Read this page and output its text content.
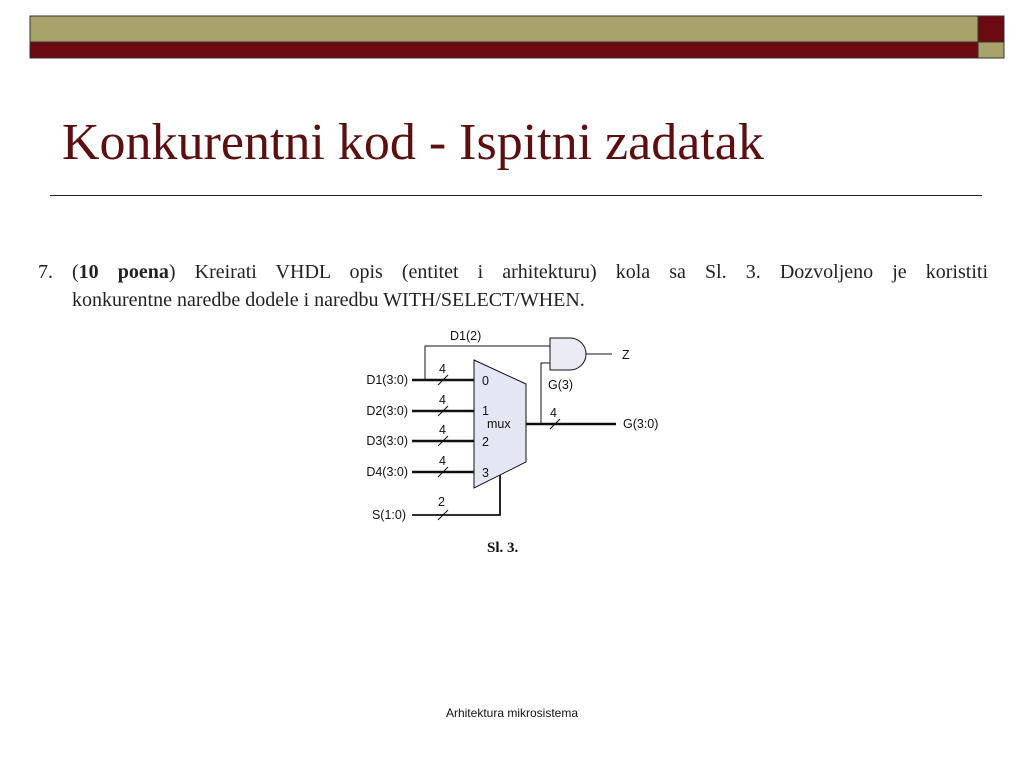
Konkurentni kod - Ispitni zadatak
7. (10 poena) Kreirati VHDL opis (entitet i arhitekturu) kola sa Sl. 3. Dozvoljeno je koristiti
konkurentne naredbe dodele i naredbu WITH/SELECT/WHEN.
D1(2)
Z
G(3)
D1(3:0)
D2(3:0)
D3(3:0)
D4(3:0)
4
4
4
4
0
1
2
3
mux
2
S(1:0)
4
G(3:0)
Sl. 3.
Arhitektura mikrosistema
